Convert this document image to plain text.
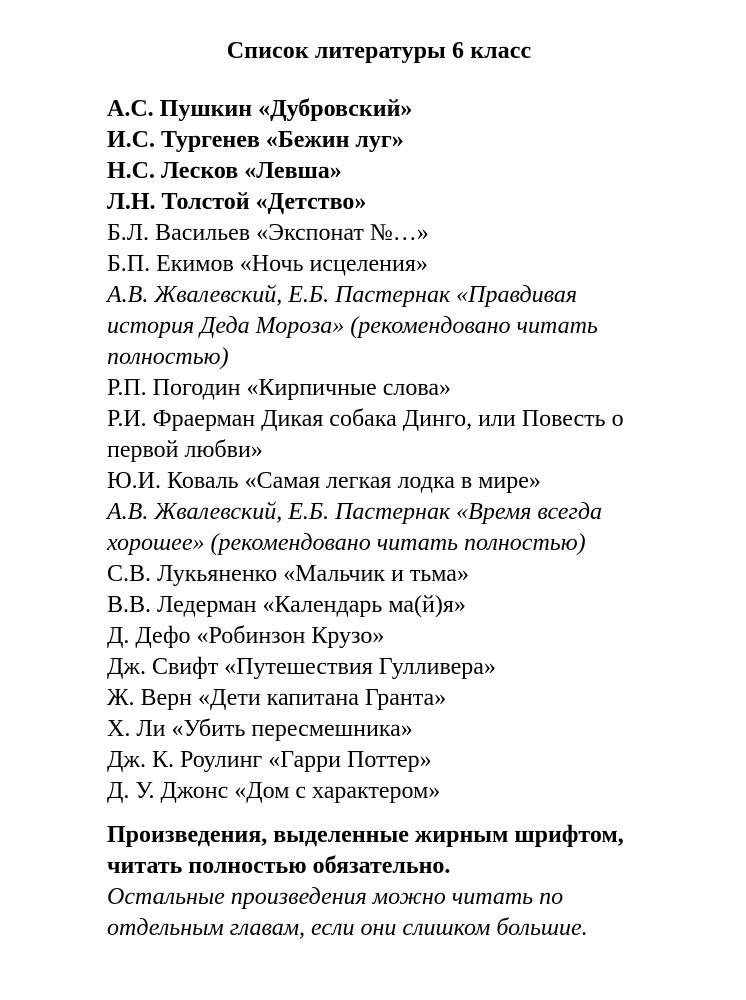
Список литературы 6 класс
А.С. Пушкин «Дубровский»
И.С. Тургенев «Бежин луг»
Н.С. Лесков «Левша»
Л.Н. Толстой «Детство»
Б.Л. Васильев «Экспонат №…»
Б.П. Екимов «Ночь исцеления»
А.В. Жвалевский, Е.Б. Пастернак «Правдивая история Деда Мороза» (рекомендовано читать полностью)
Р.П. Погодин «Кирпичные слова»
Р.И. Фраерман Дикая собака Динго, или Повесть о первой любви»
Ю.И. Коваль «Самая легкая лодка в мире»
А.В. Жвалевский, Е.Б. Пастернак «Время всегда хорошее» (рекомендовано читать полностью)
С.В. Лукьяненко «Мальчик и тьма»
В.В. Ледерман «Календарь ма(й)я»
Д. Дефо «Робинзон Крузо»
Дж. Свифт «Путешествия Гулливера»
Ж. Верн «Дети капитана Гранта»
Х. Ли «Убить пересмешника»
Дж. К. Роулинг «Гарри Поттер»
Д. У. Джонс «Дом с характером»
Произведения, выделенные жирным шрифтом, читать полностью обязательно.
Остальные произведения можно читать по отдельным главам, если они слишком большие.
